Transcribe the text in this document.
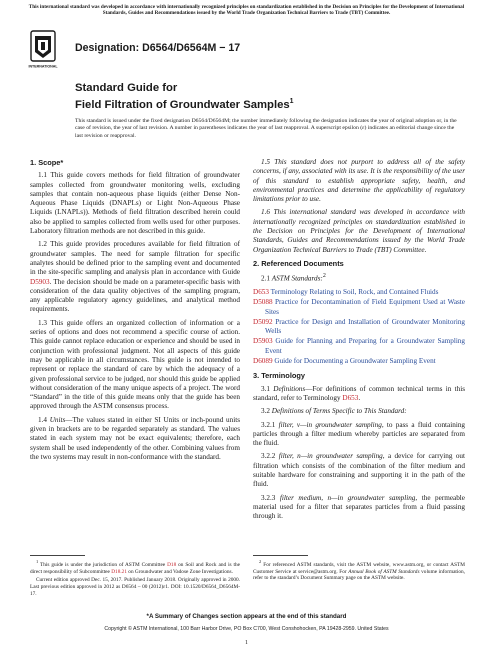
This international standard was developed in accordance with internationally recognized principles on standardization established in the Decision on Principles for the Development of International Standards, Guides and Recommendations issued by the World Trade Organization Technical Barriers to Trade (TBT) Committee.
INTERNATIONAL
Designation: D6564/D6564M − 17
Standard Guide for
Field Filtration of Groundwater Samples$^1$
This standard is issued under the fixed designation D6564/D6564M; the number immediately following the designation indicates the year of original adoption or, in the case of revision, the year of last revision. A number in parentheses indicates the year of last reapproval. A superscript epsilon (ε) indicates an editorial change since the last revision or reapproval.

1. Scope*

1.1 This guide covers methods for field filtration of groundwater samples collected from groundwater monitoring wells, excluding samples that contain non-aqueous phase liquids (either Dense Non-Aqueous Phase Liquids (DNAPLs) or Light Non-Aqueous Phase Liquids (LNAPLs)). Methods of field filtration described herein could also be applied to samples collected from wells used for other purposes. Laboratory filtration methods are not described in this guide.

1.2 This guide provides procedures available for field filtration of groundwater samples. The need for sample filtration for specific analytes should be defined prior to the sampling event and documented in the site-specific sampling and analysis plan in accordance with Guide D5903. The decision should be made on a parameter-specific basis with consideration of the data quality objectives of the sampling program, any applicable regulatory agency guidelines, and analytical method requirements.

1.3 This guide offers an organized collection of information or a series of options and does not recommend a specific course of action. This guide cannot replace education or experience and should be used in conjunction with professional judgment. Not all aspects of this guide may be applicable in all circumstances. This guide is not intended to represent or replace the standard of care by which the adequacy of a given professional service to be judged, nor should this guide be applied without consideration of the many unique aspects of a project. The word “Standard” in the title of this guide means only that the guide has been approved through the ASTM consensus process.

1.4 Units—The values stated in either SI Units or inch-pound units given in brackets are to be regarded separately as standard. The values stated in each system may not be exact equivalents; therefore, each system shall be used independently of the other. Combining values from the two systems may result in non-conformance with the standard.

$^1$ This guide is under the jurisdiction of ASTM Committee D18 on Soil and Rock and is the direct responsibility of Subcommittee D18.21 on Groundwater and Vadose Zone Investigations.

Current edition approved Dec. 15, 2017. Published January 2018. Originally approved in 2000. Last previous edition approved in 2012 as D6564 – 00 (2012)ε1. DOI: 10.1520/D6564_D6564M-17.

1.5 This standard does not purport to address all of the safety concerns, if any, associated with its use. It is the responsibility of the user of this standard to establish appropriate safety, health, and environmental practices and determine the applicability of regulatory limitations prior to use.

1.6 This international standard was developed in accordance with internationally recognized principles on standardization established in the Decision on Principles for the Development of International Standards, Guides and Recommendations issued by the World Trade Organization Technical Barriers to Trade (TBT) Committee.

2. Referenced Documents

2.1 ASTM Standards:$^2$

D653 Terminology Relating to Soil, Rock, and Contained Fluids
D5088 Practice for Decontamination of Field Equipment Used at Waste Sites
D5092 Practice for Design and Installation of Groundwater Monitoring Wells
D5903 Guide for Planning and Preparing for a Groundwater Sampling Event
D6089 Guide for Documenting a Groundwater Sampling Event

3. Terminology

3.1 Definitions—For definitions of common technical terms in this standard, refer to Terminology D653.

3.2 Definitions of Terms Specific to This Standard:

3.2.1 filter, v—in groundwater sampling, to pass a fluid containing particles through a filter medium whereby particles are separated from the fluid.

3.2.2 filter, n—in groundwater sampling, a device for carrying out filtration which consists of the combination of the filter medium and suitable hardware for constraining and supporting it in the path of the fluid.

3.2.3 filter medium, n—in groundwater sampling, the permeable material used for a filter that separates particles from a fluid passing through it.

$^2$ For referenced ASTM standards, visit the ASTM website, www.astm.org, or contact ASTM Customer Service at service@astm.org. For Annual Book of ASTM Standards volume information, refer to the standard’s Document Summary page on the ASTM website.

*A Summary of Changes section appears at the end of this standard
Copyright © ASTM International, 100 Barr Harbor Drive, PO Box C700, West Conshohocken, PA 19428-2959. United States
1
